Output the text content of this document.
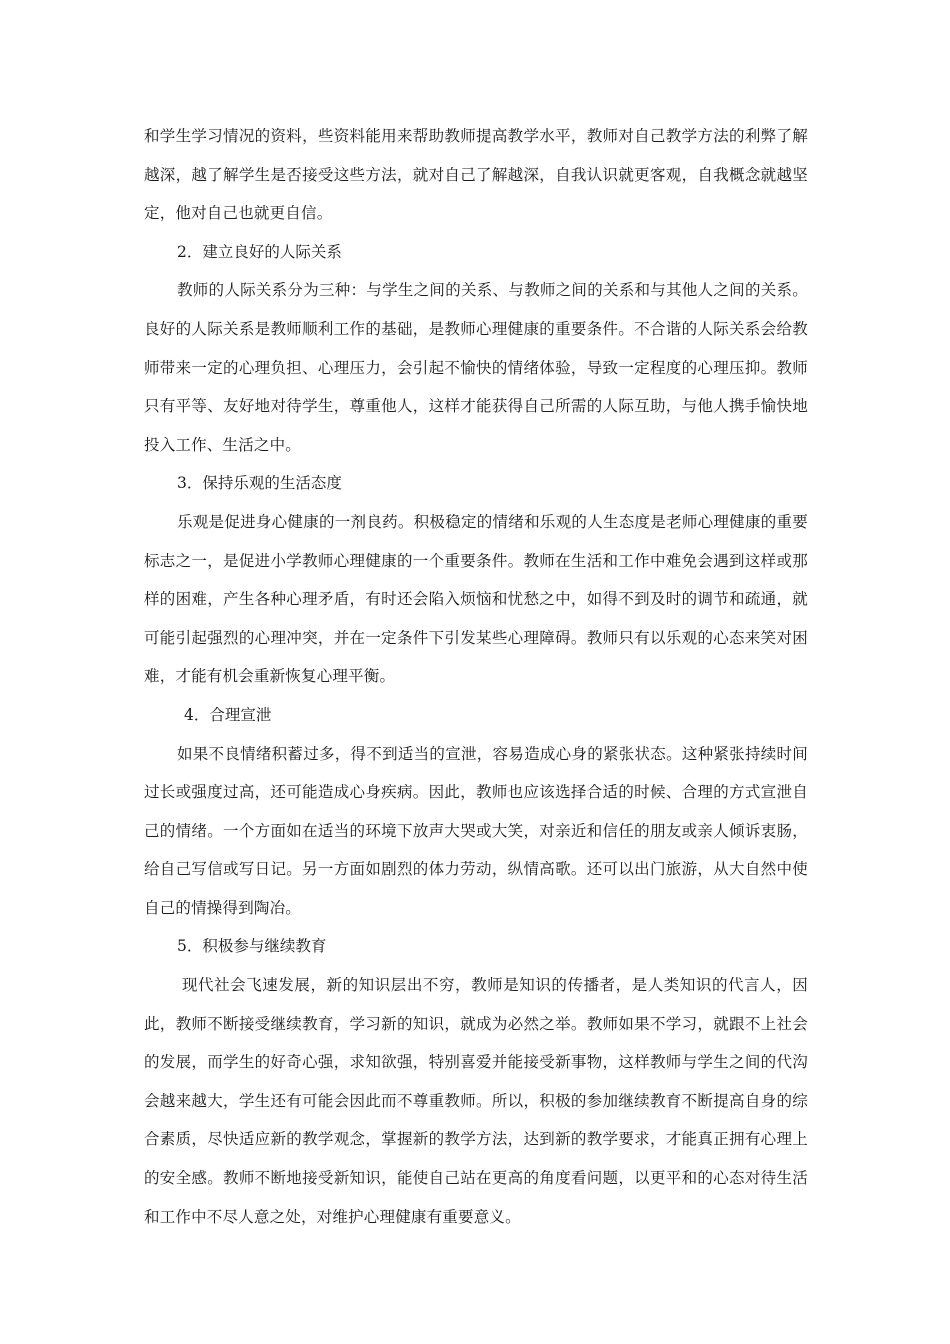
和学生学习情况的资料，些资料能用来帮助教师提高教学水平，教师对自己教学方法的利弊了解越深，越了解学生是否接受这些方法，就对自己了解越深，自我认识就更客观，自我概念就越坚定，他对自己也就更自信。

2．建立良好的人际关系

教师的人际关系分为三种：与学生之间的关系、与教师之间的关系和与其他人之间的关系。良好的人际关系是教师顺利工作的基础，是教师心理健康的重要条件。不合谐的人际关系会给教师带来一定的心理负担、心理压力，会引起不愉快的情绪体验，导致一定程度的心理压抑。教师只有平等、友好地对待学生，尊重他人，这样才能获得自己所需的人际互助，与他人携手愉快地投入工作、生活之中。

3．保持乐观的生活态度

乐观是促进身心健康的一剂良药。积极稳定的情绪和乐观的人生态度是老师心理健康的重要标志之一，是促进小学教师心理健康的一个重要条件。教师在生活和工作中难免会遇到这样或那样的困难，产生各种心理矛盾，有时还会陷入烦恼和忧愁之中，如得不到及时的调节和疏通，就可能引起强烈的心理冲突，并在一定条件下引发某些心理障碍。教师只有以乐观的心态来笑对困难，才能有机会重新恢复心理平衡。

4．合理宣泄

如果不良情绪积蓄过多，得不到适当的宣泄，容易造成心身的紧张状态。这种紧张持续时间过长或强度过高，还可能造成心身疾病。因此，教师也应该选择合适的时候、合理的方式宣泄自己的情绪。一个方面如在适当的环境下放声大哭或大笑，对亲近和信任的朋友或亲人倾诉衷肠，给自己写信或写日记。另一方面如剧烈的体力劳动，纵情高歌。还可以出门旅游，从大自然中使自己的情操得到陶冶。

5．积极参与继续教育

现代社会飞速发展，新的知识层出不穷，教师是知识的传播者，是人类知识的代言人，因此，教师不断接受继续教育，学习新的知识，就成为必然之举。教师如果不学习，就跟不上社会的发展，而学生的好奇心强，求知欲强，特别喜爱并能接受新事物，这样教师与学生之间的代沟会越来越大，学生还有可能会因此而不尊重教师。所以，积极的参加继续教育不断提高自身的综合素质，尽快适应新的教学观念，掌握新的教学方法，达到新的教学要求，才能真正拥有心理上的安全感。教师不断地接受新知识，能使自己站在更高的角度看问题，以更平和的心态对待生活和工作中不尽人意之处，对维护心理健康有重要意义。
